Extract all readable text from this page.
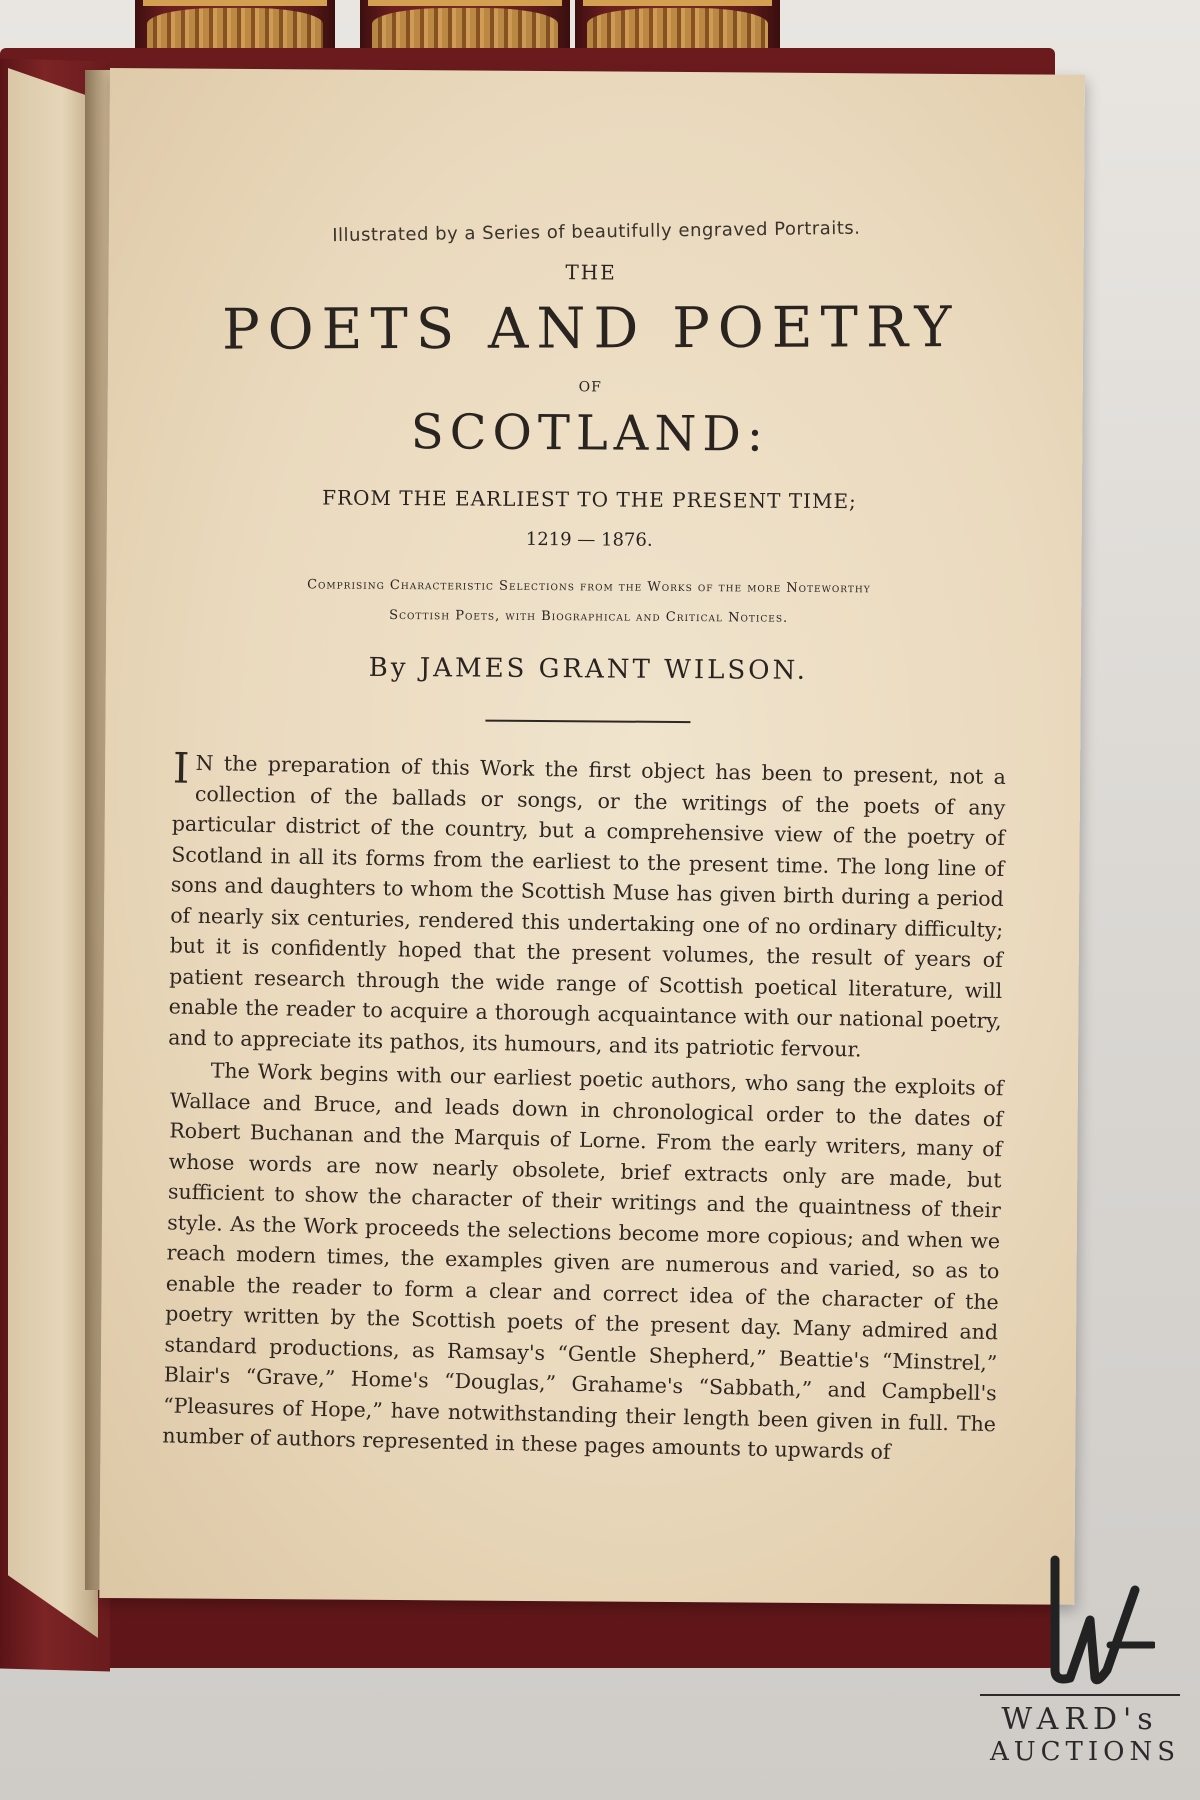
Illustrated by a Series of beautifully engraved Portraits.
THE
POETS AND POETRY
OF
SCOTLAND:
FROM THE EARLIEST TO THE PRESENT TIME;
1219 — 1876.
Comprising Characteristic Selections from the Works of the more Noteworthy
Scottish Poets, with Biographical and Critical Notices.
By JAMES GRANT WILSON.

I N the preparation of this Work the first object has been to present, not a collection of the ballads or songs, or the writings of the poets of any particular district of the country, but a comprehensive view of the poetry of Scotland in all its forms from the earliest to the present time. The long line of sons and daughters to whom the Scottish Muse has given birth during a period of nearly six centuries, rendered this undertaking one of no ordinary difficulty; but it is confidently hoped that the present volumes, the result of years of patient research through the wide range of Scottish poetical literature, will enable the reader to acquire a thorough acquaintance with our national poetry, and to appreciate its pathos, its humours, and its patriotic fervour.

The Work begins with our earliest poetic authors, who sang the exploits of Wallace and Bruce, and leads down in chronological order to the dates of Robert Buchanan and the Marquis of Lorne. From the early writers, many of whose words are now nearly obsolete, brief extracts only are made, but sufficient to show the character of their writings and the quaintness of their style. As the Work proceeds the selections become more copious; and when we reach modern times, the examples given are numerous and varied, so as to enable the reader to form a clear and correct idea of the character of the poetry written by the Scottish poets of the present day. Many admired and standard productions, as Ramsay's “Gentle Shepherd,” Beattie's “Minstrel,” Blair's “Grave,” Home's “Douglas,” Grahame's “Sabbath,” and Campbell's “Pleasures of Hope,” have notwithstanding their length been given in full. The number of authors represented in these pages amounts to upwards of

WARD's
AUCTIONS
